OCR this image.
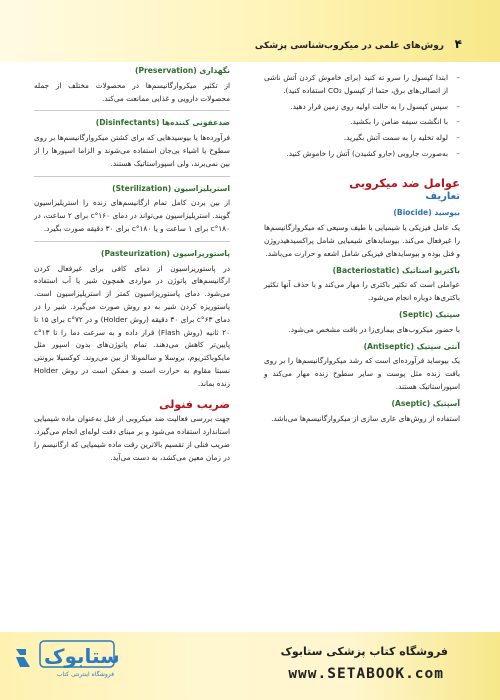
روش‌های علمی در میکروب‌شناسی پزشکی ۴
– ابتدا کپسول را سرو ته کنید (برای خاموش کردن آتش ناشی از اتصالی‌های برق، حتما از کپسول CO₂ استفاده کنید).
– سپس کپسول را به حالت اولیه روی زمین قرار دهید.
– با انگشت سیفه ضامن را بکشید.
– لوله تخلیه را به سمت آتش بگیرید.
– به‌صورت جاروبی (جارو کشیدن) آتش را خاموش کنید.
عوامل ضد میکروبی
تعاریف
بیوسید (Biocide)

یک عامل فیزیکی یا شیمیایی با طیف وسیعی که میکروارگانیسم‌ها را غیرفعال می‌کند. بیوسایدهای شیمیایی شامل پراکسیدهیدروژن و فنل بوده و بیوسایدهای فیزیکی شامل اشعه و حرارت می‌باشد.

باکتریو استاتیک (Bacteriostatic)

عواملی است که تکثیر باکتری را مهار می‌کند و با حذف آنها تکثیر باکتری‌ها دوباره انجام می‌شود.

سپتیک (Septic)

با حضور میکروب‌های بیماری‌زا در بافت مشخص می‌شود.

آنتی سپتیک (Antiseptic)

یک بیوساید فرآورده‌ای است که رشد میکروارگانیسم‌ها را بر روی بافت زنده مثل پوست و سایر سطوح زنده مهار می‌کند و اسپوراستاتیک هستند.

آسپتیک (Aseptic)

استفاده از روش‌های عاری سازی از میکروارگانیسم‌ها می‌باشد.

نگهداری (Preservation)

از تکثیر میکروارگانیسم‌ها در محصولات مختلف از جمله محصولات دارویی و غذایی ممانعت می‌کند.

ضدعفونی کننده‌ها (Disinfectants)

فرآورده‌ها یا بیوسیدهایی که برای کشتن میکروارگانیسم‌ها بر روی سطوح یا اشیاء بی‌جان استفاده می‌شوند و الزاما اسپورها را از بین نمی‌برند، ولی اسپوراستاتیک هستند.

استریلیزاسیون (Sterilization)

از بین بردن کامل تمام ارگانیسم‌های زنده را استریلیزاسیون گویند. استریلیزاسیون می‌تواند در دمای ۱۶۰°c برای ۲ ساعت، در ۱۸۰°c برای ۱ ساعت و یا ۱۸۰°c برای ۳۰ دقیقه صورت بگیرد.

پاستوریزاسیون (Pasteurization)

در پاستوریزاسیون از دمای کافی برای غیرفعال کردن ارگانیسم‌های پاتوژن در مواردی همچون شیر یا آب استفاده می‌شود. دمای پاستوریزاسیون کمتر از استریلیزاسیون است. پاستوریزه کردن شیر به دو روش صورت می‌گیرد. شیر را در دمای ۶۳°c برای ۳۰ دقیقه (روش Holder) و در ۷۲°c برای ۱۵ تا ۲۰ ثانیه (روش Flash) قرار داده و به سرعت دما را تا ۱۳°c پایین‌تر کاهش می‌دهند. تمام پاتوژن‌های بدون اسپور مثل مایکوباکتریوم، بروسلا و سالمونلا از بین می‌روند. کوکسیلا برونتی نسبتا مقاوم به حرارت است و ممکن است در روش Holder زنده بماند.

ضریب فنولی

جهت بررسی فعالیت ضد میکروبی از فنل به‌عنوان ماده شیمیایی استاندارد استفاده می‌شود و بر مبنای دقت لوله‌ای انجام می‌گیرد. ضریب فنلی از تقسیم بالاترین رقت ماده شیمیایی که ارگانیسم را در زمان معین می‌کشد، به دست می‌آید.

ستابوک
فروشگاه اینترنتی کتاب
فروشگاه کتاب پزشکی ستابوک
www.SETABOOK.com
